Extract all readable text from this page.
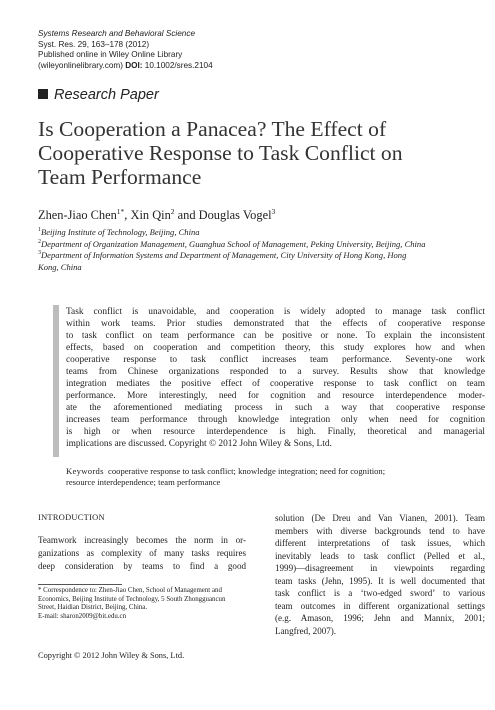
Systems Research and Behavioral Science
Syst. Res. 29, 163–178 (2012)
Published online in Wiley Online Library
(wileyonlinelibrary.com) DOI: 10.1002/sres.2104
Research Paper
Is Cooperation a Panacea? The Effect of
Cooperative Response to Task Conflict on
Team Performance
Zhen-Jiao Chen$^{1*}$, Xin Qin$^2$ and Douglas Vogel$^3$
$^1$Beijing Institute of Technology, Beijing, China
$^2$Department of Organization Management, Guanghua School of Management, Peking University, Beijing, China
$^3$Department of Information Systems and Department of Management, City University of Hong Kong, Hong
Kong, China
Task conflict is unavoidable, and cooperation is widely adopted to manage task conflict
within work teams. Prior studies demonstrated that the effects of cooperative response
to task conflict on team performance can be positive or none. To explain the inconsistent
effects, based on cooperation and competition theory, this study explores how and when
cooperative response to task conflict increases team performance. Seventy-one work
teams from Chinese organizations responded to a survey. Results show that knowledge
integration mediates the positive effect of cooperative response to task conflict on team
performance. More interestingly, need for cognition and resource interdependence moder-
ate the aforementioned mediating process in such a way that cooperative response
increases team performance through knowledge integration only when need for cognition
is high or when resource interdependence is high. Finally, theoretical and managerial
implications are discussed. Copyright © 2012 John Wiley & Sons, Ltd.
Keywords cooperative response to task conflict; knowledge integration; need for cognition;
resource interdependence; team performance
INTRODUCTION
Teamwork increasingly becomes the norm in or-
ganizations as complexity of many tasks requires
deep consideration by teams to find a good
* Correspondence to: Zhen-Jiao Chen, School of Management and
Economics, Beijing Institute of Technology, 5 South Zhongguancun
Street, Haidian District, Beijing, China.
E-mail: sharon2009@bit.edu.cn
solution (De Dreu and Van Vianen, 2001). Team
members with diverse backgrounds tend to have
different interpretations of task issues, which
inevitably leads to task conflict (Pelled et al.,
1999)—disagreement in viewpoints regarding
team tasks (Jehn, 1995). It is well documented that
task conflict is a ‘two-edged sword’ to various
team outcomes in different organizational settings
(e.g. Amason, 1996; Jehn and Mannix, 2001;
Langfred, 2007).
Copyright © 2012 John Wiley & Sons, Ltd.
